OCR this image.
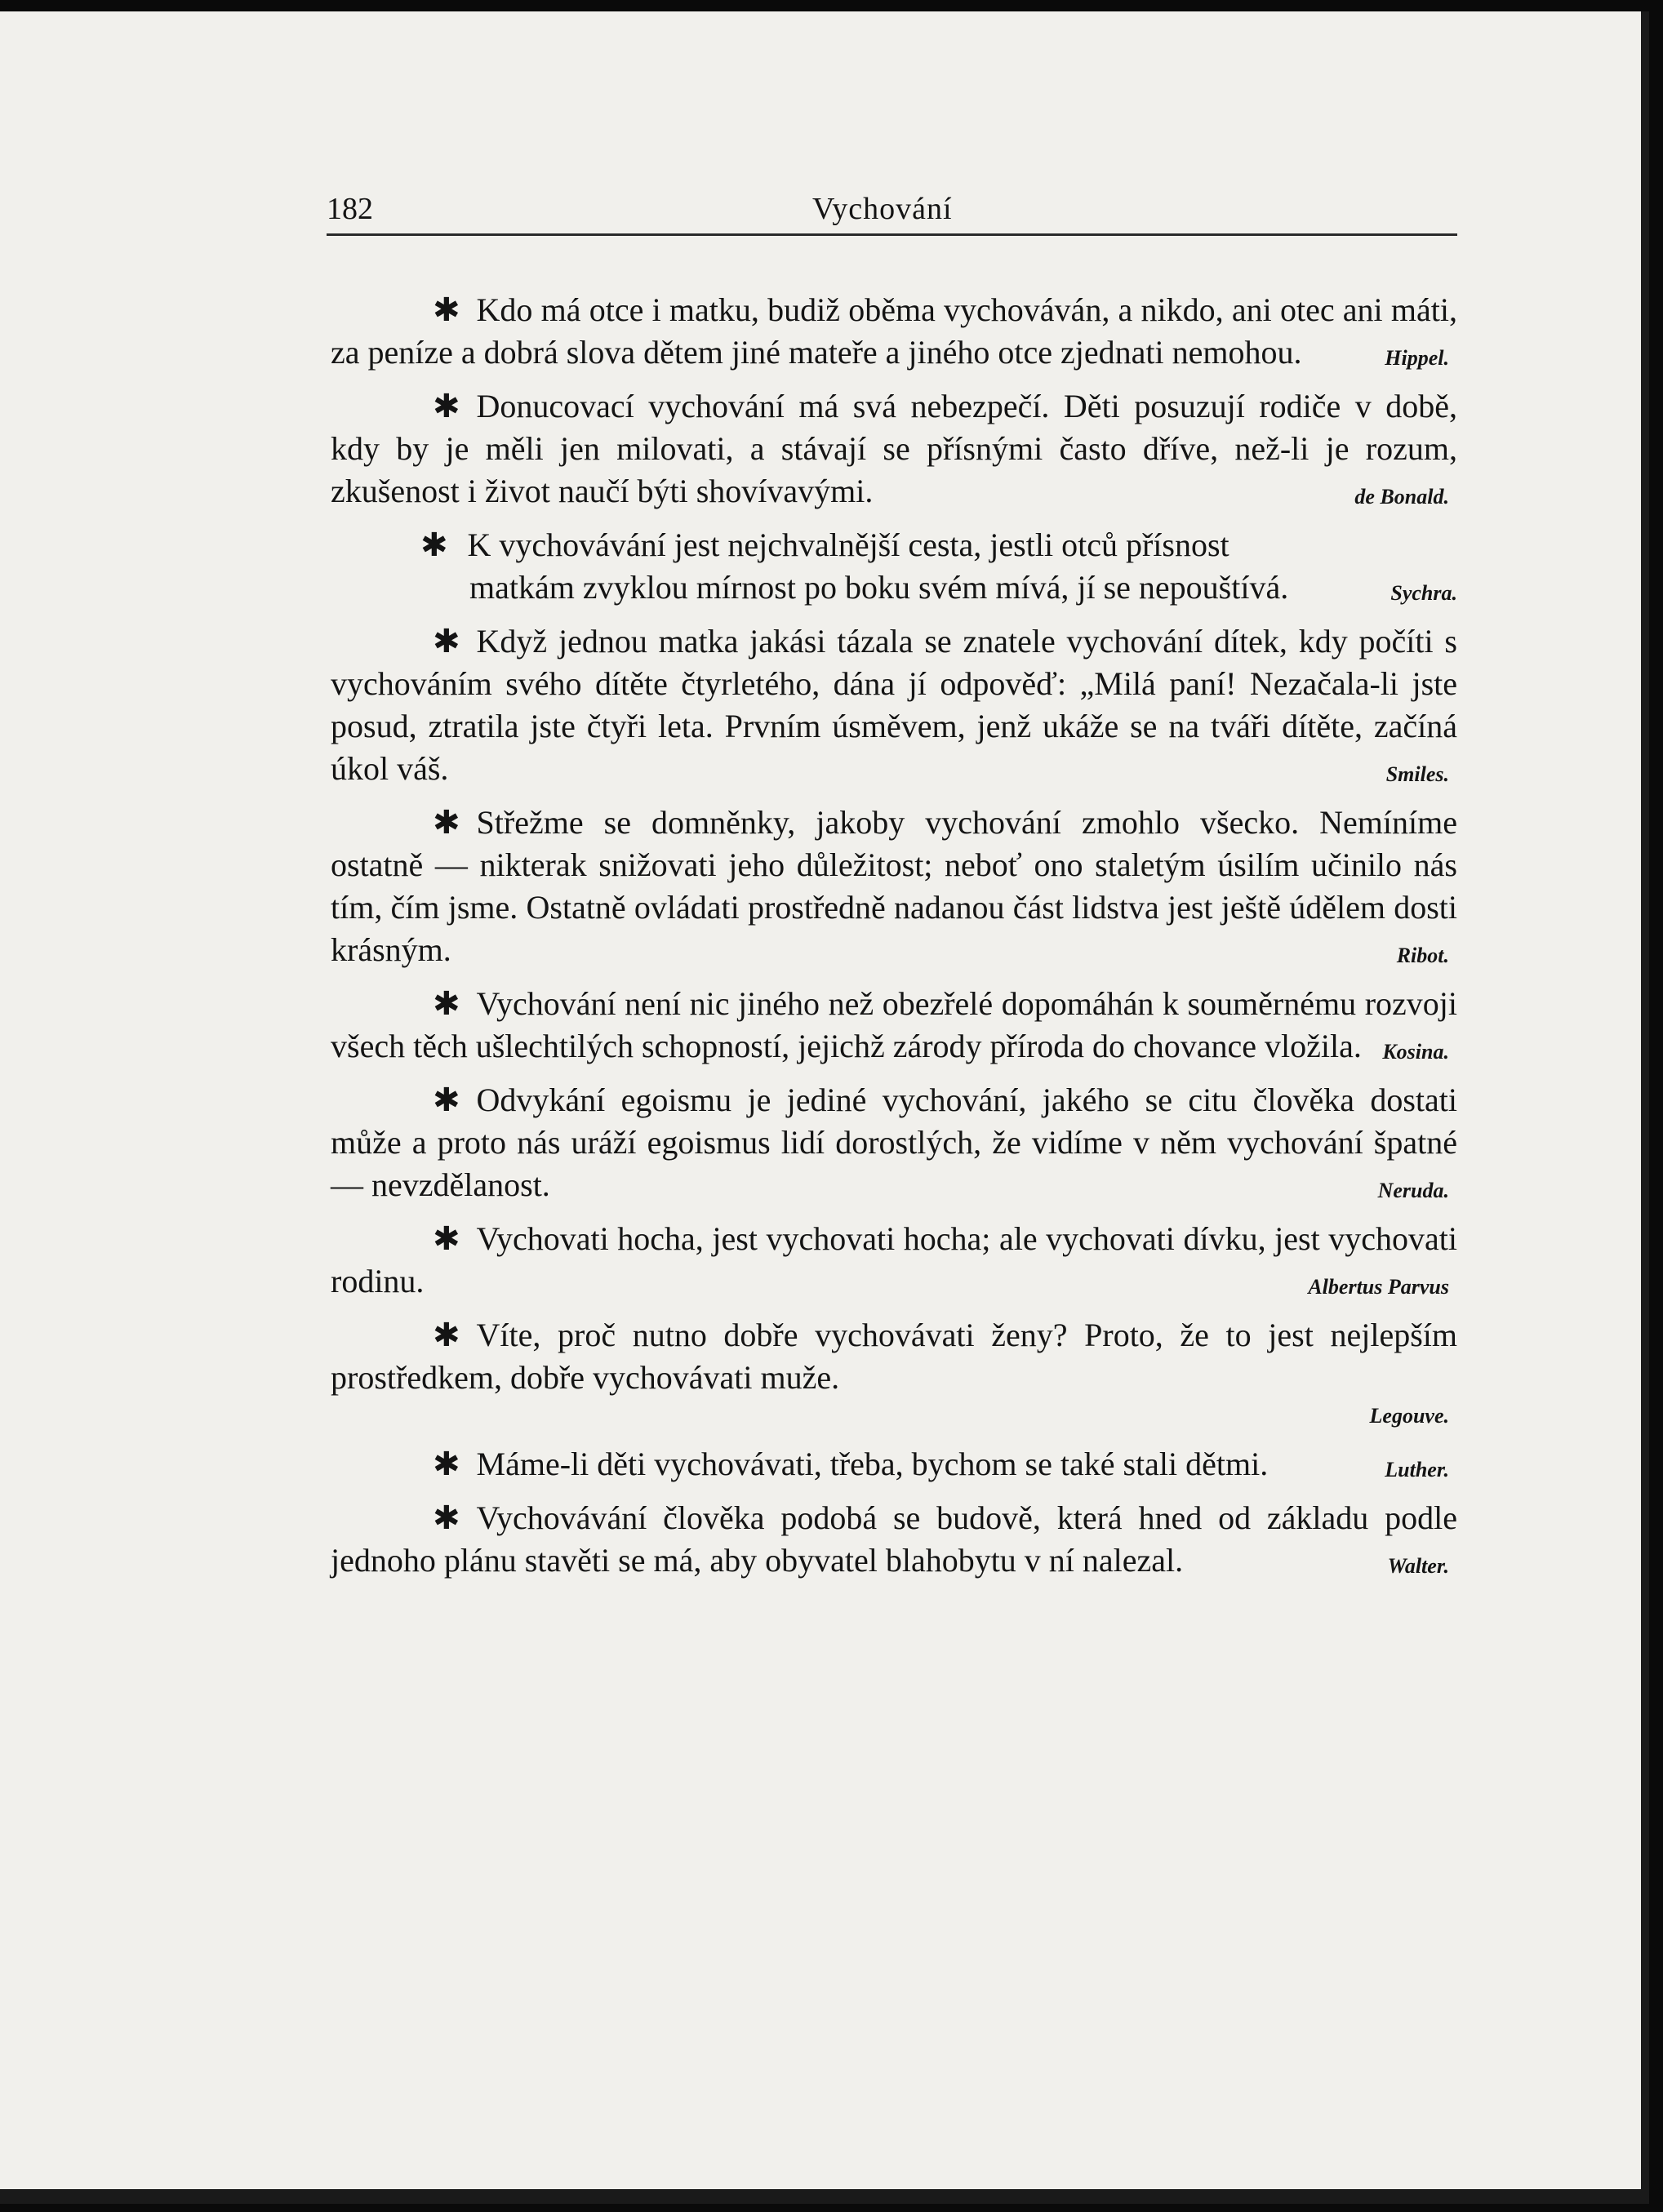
182	Vychování
✱ Kdo má otce i matku, budiž oběma vychováván, a nikdo, ani otec ani máti, za peníze a dobrá slova dětem jiné mateře a jiného otce zjednati nemohou.	Hippel.
✱ Donucovací vychování má svá nebezpečí. Děti posuzují rodiče v době, kdy by je měli jen milovati, a stávají se přísnými často dříve, než-li je rozum, zkušenost i život naučí býti shovívavými.	de Bonald.
✱ K vychovávání jest nejchvalnější cesta, jestli otců přísnost matkám zvyklou mírnost po boku svém mívá, jí se nepouštívá.	Sychra.
✱ Když jednou matka jakási tázala se znatele vychování dítek, kdy počíti s vychováním svého dítěte čtyrletého, dána jí odpověď: „Milá paní! Nezačala-li jste posud, ztratila jste čtyři leta. Prvním úsměvem, jenž ukáže se na tváři dítěte, začíná úkol váš.	Smiles.
✱ Střežme se domněnky, jakoby vychování zmohlo všecko. Nemíníme ostatně — nikterak snižovati jeho důležitost; neboť ono staletým úsilím učinilo nás tím, čím jsme. Ostatně ovládati prostředně nadanou část lidstva jest ještě údělem dosti krásným.	Ribot.
✱ Vychování není nic jiného než obezřelé dopomáhán k souměrnému rozvoji všech těch ušlechtilých schopností, jejichž zárody příroda do chovance vložila. Kosina.
✱ Odvykání egoismu je jediné vychování, jakého se citu člověka dostati může a proto nás uráží egoismus lidí dorostlých, že vidíme v něm vychování špatné — nevzdělanost.	Neruda.
✱ Vychovati hocha, jest vychovati hocha; ale vychovati dívku, jest vychovati rodinu.	Albertus Parvus
✱ Víte, proč nutno dobře vychovávati ženy? Proto, že to jest nejlepším prostředkem, dobře vychovávati muže.
Legouve.
✱ Máme-li děti vychovávati, třeba, bychom se také stali dětmi.	Luther.
✱ Vychovávání člověka podobá se budově, která hned od základu podle jednoho plánu stavěti se má, aby obyvatel blahobytu v ní nalezal.	Walter.
